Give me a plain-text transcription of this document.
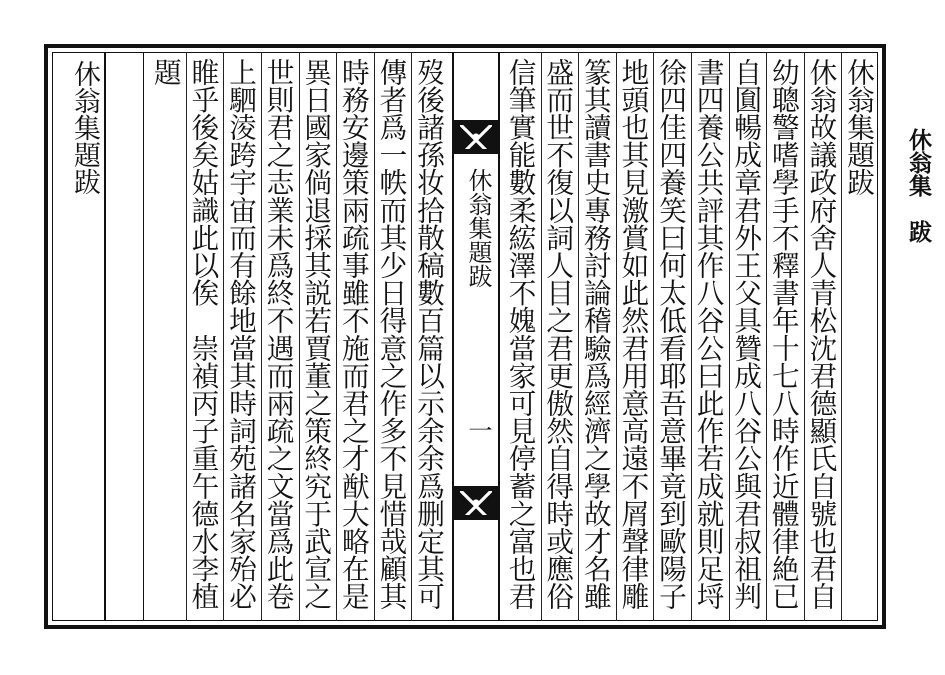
休翁集　跋
休翁集題跋
一
休翁集題跋	休翁集題跋
休翁故議政府舍人青松沈君德顯氏自號也君自
幼聰警嗜學手不釋書年十七八時作近體律絶已
自圎暢成章君外王父具贊成八谷公與君叔祖判
書四養公共評其作八谷公曰此作若成就則足埒
徐四佳四養笑曰何太低看耶吾意畢竟到歐陽子
地頭也其見激賞如此然君用意高遠不屑聲律雕
篆其讀書史專務討論稽驗爲經濟之學故才名雖
盛而世不復以詞人目之君更傲然自得時或應俗
信筆實能數柔綋澤不媿當家可見停蓄之富也君
歿後諸孫妆拾散稿數百篇以示余余爲删定其可
傳者爲一帙而其少日得意之作多不見惜哉顧其
時務安邊策兩疏事雖不施而君之才猷大略在是
異日國家倘退採其説若賈董之策終究于武宣之
世則君之志業未爲終不遇而兩疏之文當爲此卷
上駟淩跨宇宙而有餘地當其時詞苑諸名家殆必
睢乎後矣姑識此以俟　崇禎丙子重午德水李植
題
